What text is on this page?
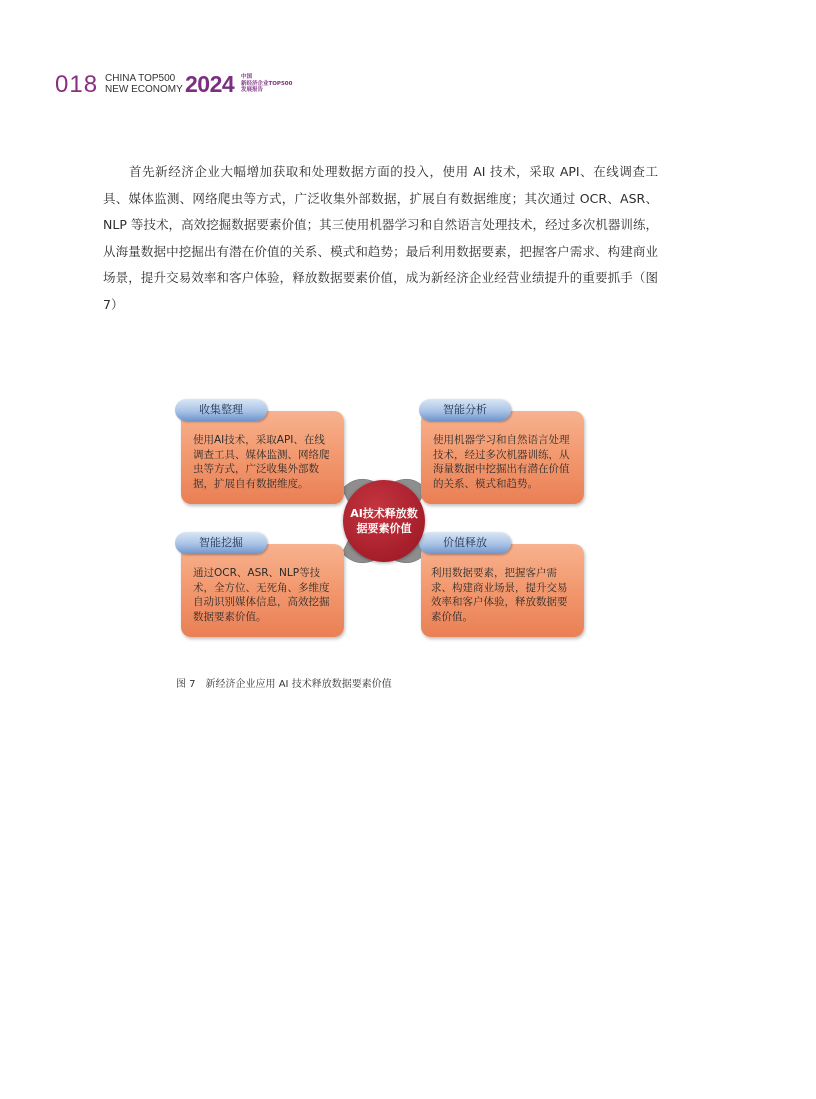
018 CHINA TOP500
NEW ECONOMY 2024 中国
新经济企业TOP500
发展报告

首先新经济企业大幅增加获取和处理数据方面的投入，使用 AI 技术，采取 API、在线调查工具、媒体监测、网络爬虫等方式，广泛收集外部数据，扩展自有数据维度；其次通过 OCR、ASR、NLP 等技术，高效挖掘数据要素价值；其三使用机器学习和自然语言处理技术，经过多次机器训练，从海量数据中挖掘出有潜在价值的关系、模式和趋势；最后利用数据要素，把握客户需求、构建商业场景，提升交易效率和客户体验，释放数据要素价值，成为新经济企业经营业绩提升的重要抓手（图 7）

使用AI技术，采取API、在线调查工具、媒体监测、网络爬虫等方式，广泛收集外部数据，扩展自有数据维度。

收集整理

使用机器学习和自然语言处理技术，经过多次机器训练，从海量数据中挖掘出有潜在价值的关系、模式和趋势。

智能分析

通过OCR、ASR、NLP等技术，全方位、无死角、多维度自动识别媒体信息，高效挖掘数据要素价值。

智能挖掘

利用数据要素，把握客户需求、构建商业场景，提升交易效率和客户体验，释放数据要素价值。

价值释放
AI技术释放数据要素价值
图 7　新经济企业应用 AI 技术释放数据要素价值
